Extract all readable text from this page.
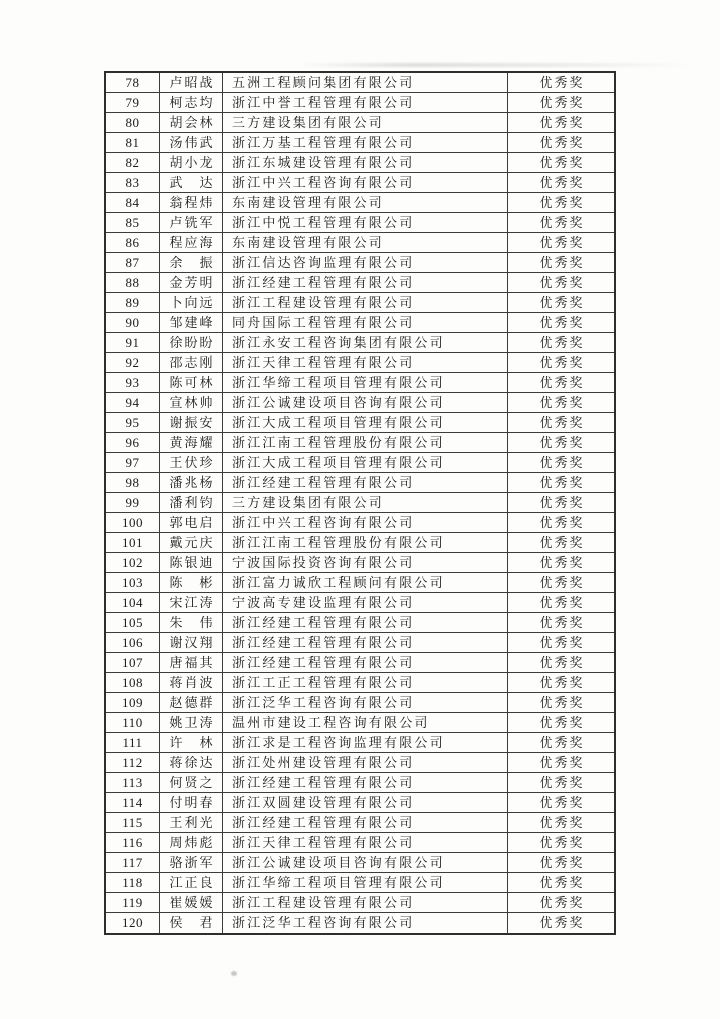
78	卢昭战	五洲工程顾问集团有限公司	优秀奖
79	柯志均	浙江中誉工程管理有限公司	优秀奖
80	胡会林	三方建设集团有限公司	优秀奖
81	汤伟武	浙江万基工程管理有限公司	优秀奖
82	胡小龙	浙江东城建设管理有限公司	优秀奖
83	武　达	浙江中兴工程咨询有限公司	优秀奖
84	翁程炜	东南建设管理有限公司	优秀奖
85	卢铣军	浙江中悦工程管理有限公司	优秀奖
86	程应海	东南建设管理有限公司	优秀奖
87	余　振	浙江信达咨询监理有限公司	优秀奖
88	金芳明	浙江经建工程管理有限公司	优秀奖
89	卜向远	浙江工程建设管理有限公司	优秀奖
90	邹建峰	同舟国际工程管理有限公司	优秀奖
91	徐盼盼	浙江永安工程咨询集团有限公司	优秀奖
92	邵志刚	浙江天律工程管理有限公司	优秀奖
93	陈可林	浙江华缔工程项目管理有限公司	优秀奖
94	宣林帅	浙江公诚建设项目咨询有限公司	优秀奖
95	谢振安	浙江大成工程项目管理有限公司	优秀奖
96	黄海耀	浙江江南工程管理股份有限公司	优秀奖
97	王伏珍	浙江大成工程项目管理有限公司	优秀奖
98	潘兆杨	浙江经建工程管理有限公司	优秀奖
99	潘利钧	三方建设集团有限公司	优秀奖
100	郭电启	浙江中兴工程咨询有限公司	优秀奖
101	戴元庆	浙江江南工程管理股份有限公司	优秀奖
102	陈银迪	宁波国际投资咨询有限公司	优秀奖
103	陈　彬	浙江富力诚欣工程顾问有限公司	优秀奖
104	宋江涛	宁波高专建设监理有限公司	优秀奖
105	朱　伟	浙江经建工程管理有限公司	优秀奖
106	谢汉翔	浙江经建工程管理有限公司	优秀奖
107	唐福其	浙江经建工程管理有限公司	优秀奖
108	蒋肖波	浙江工正工程管理有限公司	优秀奖
109	赵德群	浙江泛华工程咨询有限公司	优秀奖
110	姚卫涛	温州市建设工程咨询有限公司	优秀奖
111	许　林	浙江求是工程咨询监理有限公司	优秀奖
112	蒋徐达	浙江处州建设管理有限公司	优秀奖
113	何贤之	浙江经建工程管理有限公司	优秀奖
114	付明春	浙江双圆建设管理有限公司	优秀奖
115	王利光	浙江经建工程管理有限公司	优秀奖
116	周炜彪	浙江天律工程管理有限公司	优秀奖
117	骆浙军	浙江公诚建设项目咨询有限公司	优秀奖
118	江正良	浙江华缔工程项目管理有限公司	优秀奖
119	崔媛媛	浙江工程建设管理有限公司	优秀奖
120	侯　君	浙江泛华工程咨询有限公司	优秀奖
